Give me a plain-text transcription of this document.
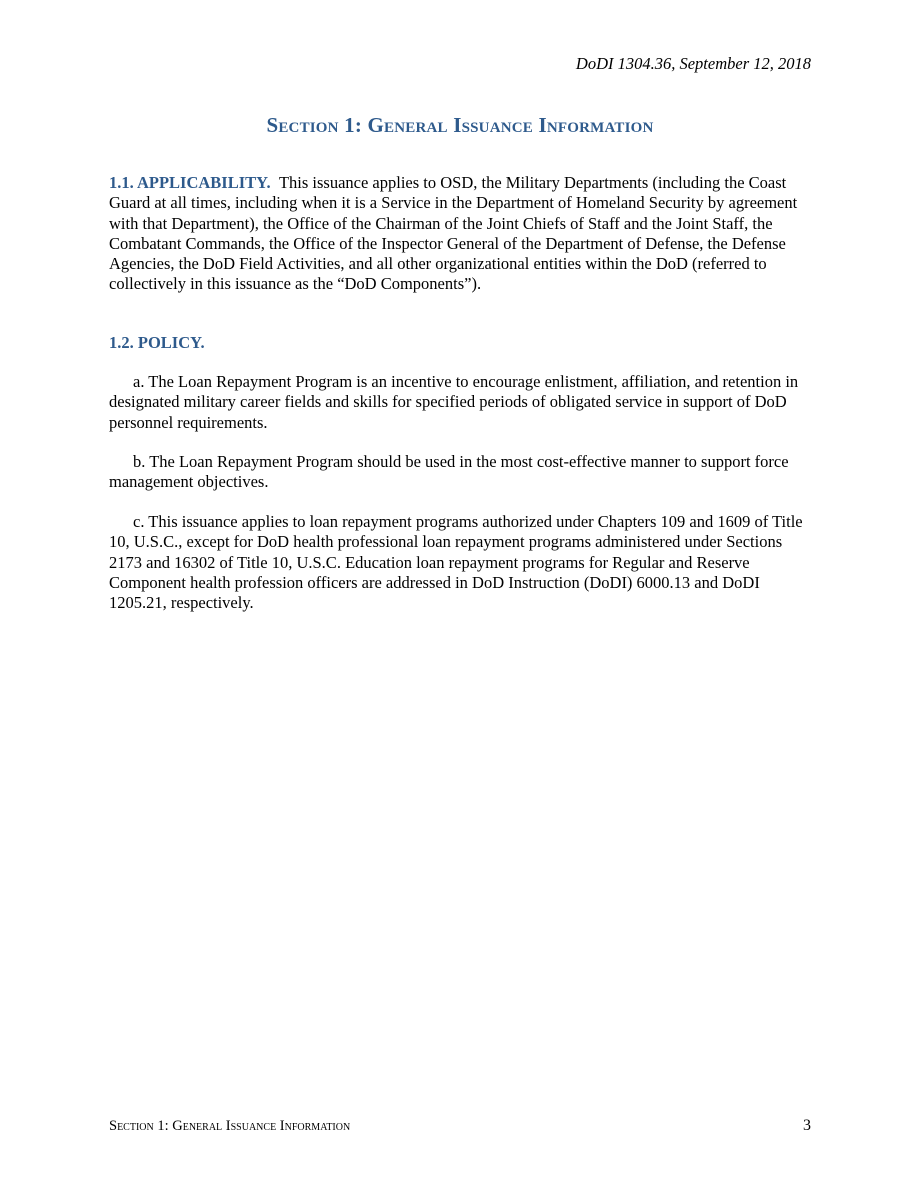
DoDI 1304.36, September 12, 2018
Section 1: General Issuance Information

1.1. APPLICABILITY. This issuance applies to OSD, the Military Departments (including the Coast Guard at all times, including when it is a Service in the Department of Homeland Security by agreement with that Department), the Office of the Chairman of the Joint Chiefs of Staff and the Joint Staff, the Combatant Commands, the Office of the Inspector General of the Department of Defense, the Defense Agencies, the DoD Field Activities, and all other organizational entities within the DoD (referred to collectively in this issuance as the “DoD Components”).

1.2. POLICY.

a. The Loan Repayment Program is an incentive to encourage enlistment, affiliation, and retention in designated military career fields and skills for specified periods of obligated service in support of DoD personnel requirements.

b. The Loan Repayment Program should be used in the most cost-effective manner to support force management objectives.

c. This issuance applies to loan repayment programs authorized under Chapters 109 and 1609 of Title 10, U.S.C., except for DoD health professional loan repayment programs administered under Sections 2173 and 16302 of Title 10, U.S.C. Education loan repayment programs for Regular and Reserve Component health profession officers are addressed in DoD Instruction (DoDI) 6000.13 and DoDI 1205.21, respectively.

Section 1: General Issuance Information	3
